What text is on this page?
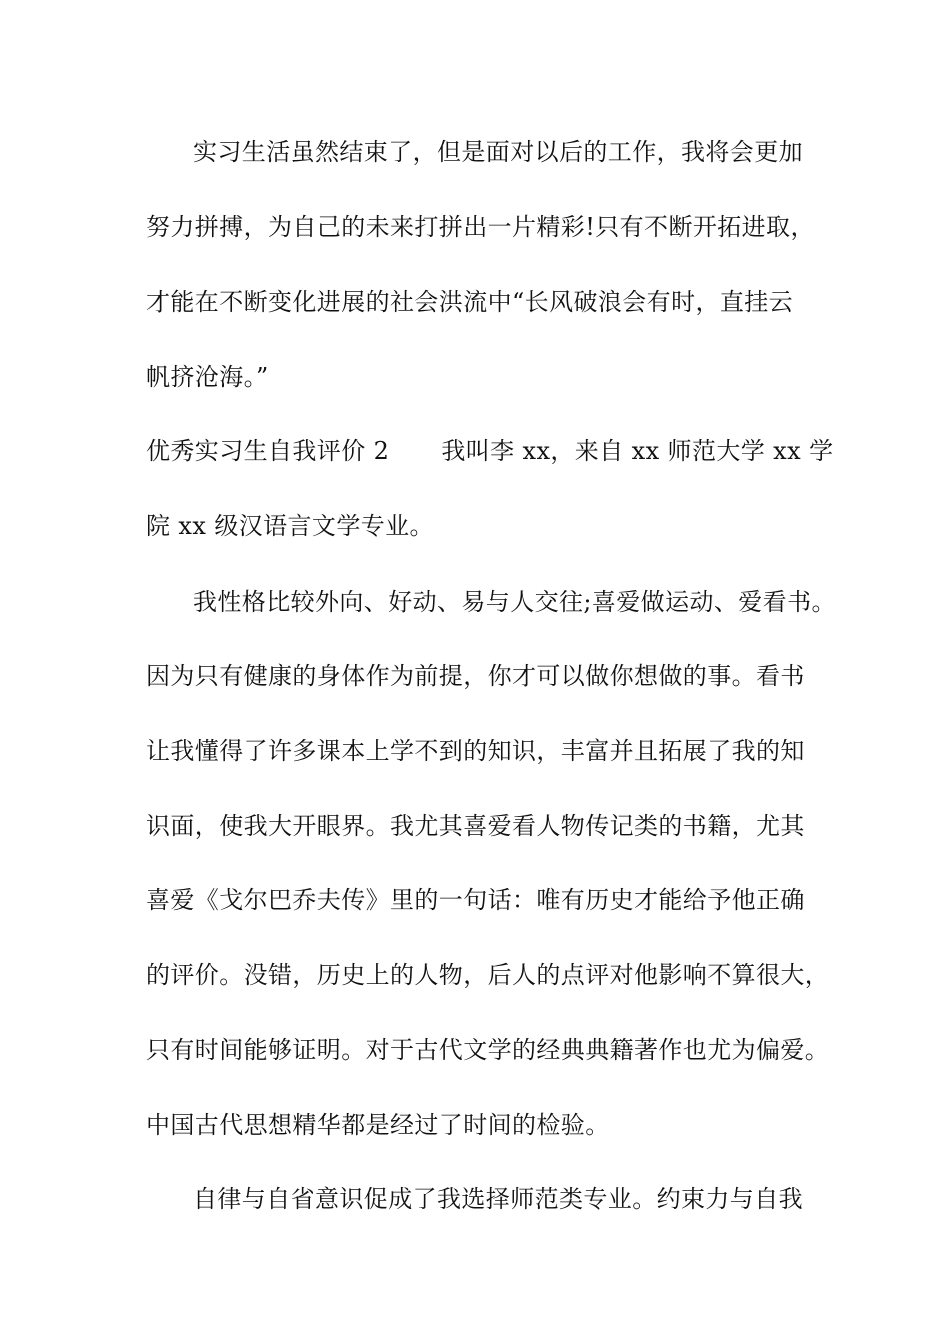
实习生活虽然结束了，但是面对以后的工作，我将会更加
努力拼搏，为自己的未来打拼出一片精彩!只有不断开拓进取，
才能在不断变化进展的社会洪流中“长风破浪会有时，直挂云
帆挤沧海。”
优秀实习生自我评价 2 我叫李 xx，来自 xx 师范大学 xx 学
院 xx 级汉语言文学专业。
我性格比较外向、好动、易与人交往;喜爱做运动、爱看书。
因为只有健康的身体作为前提，你才可以做你想做的事。看书
让我懂得了许多课本上学不到的知识，丰富并且拓展了我的知
识面，使我大开眼界。我尤其喜爱看人物传记类的书籍，尤其
喜爱《戈尔巴乔夫传》里的一句话：唯有历史才能给予他正确
的评价。没错，历史上的人物，后人的点评对他影响不算很大，
只有时间能够证明。对于古代文学的经典典籍著作也尤为偏爱。
中国古代思想精华都是经过了时间的检验。
自律与自省意识促成了我选择师范类专业。约束力与自我
